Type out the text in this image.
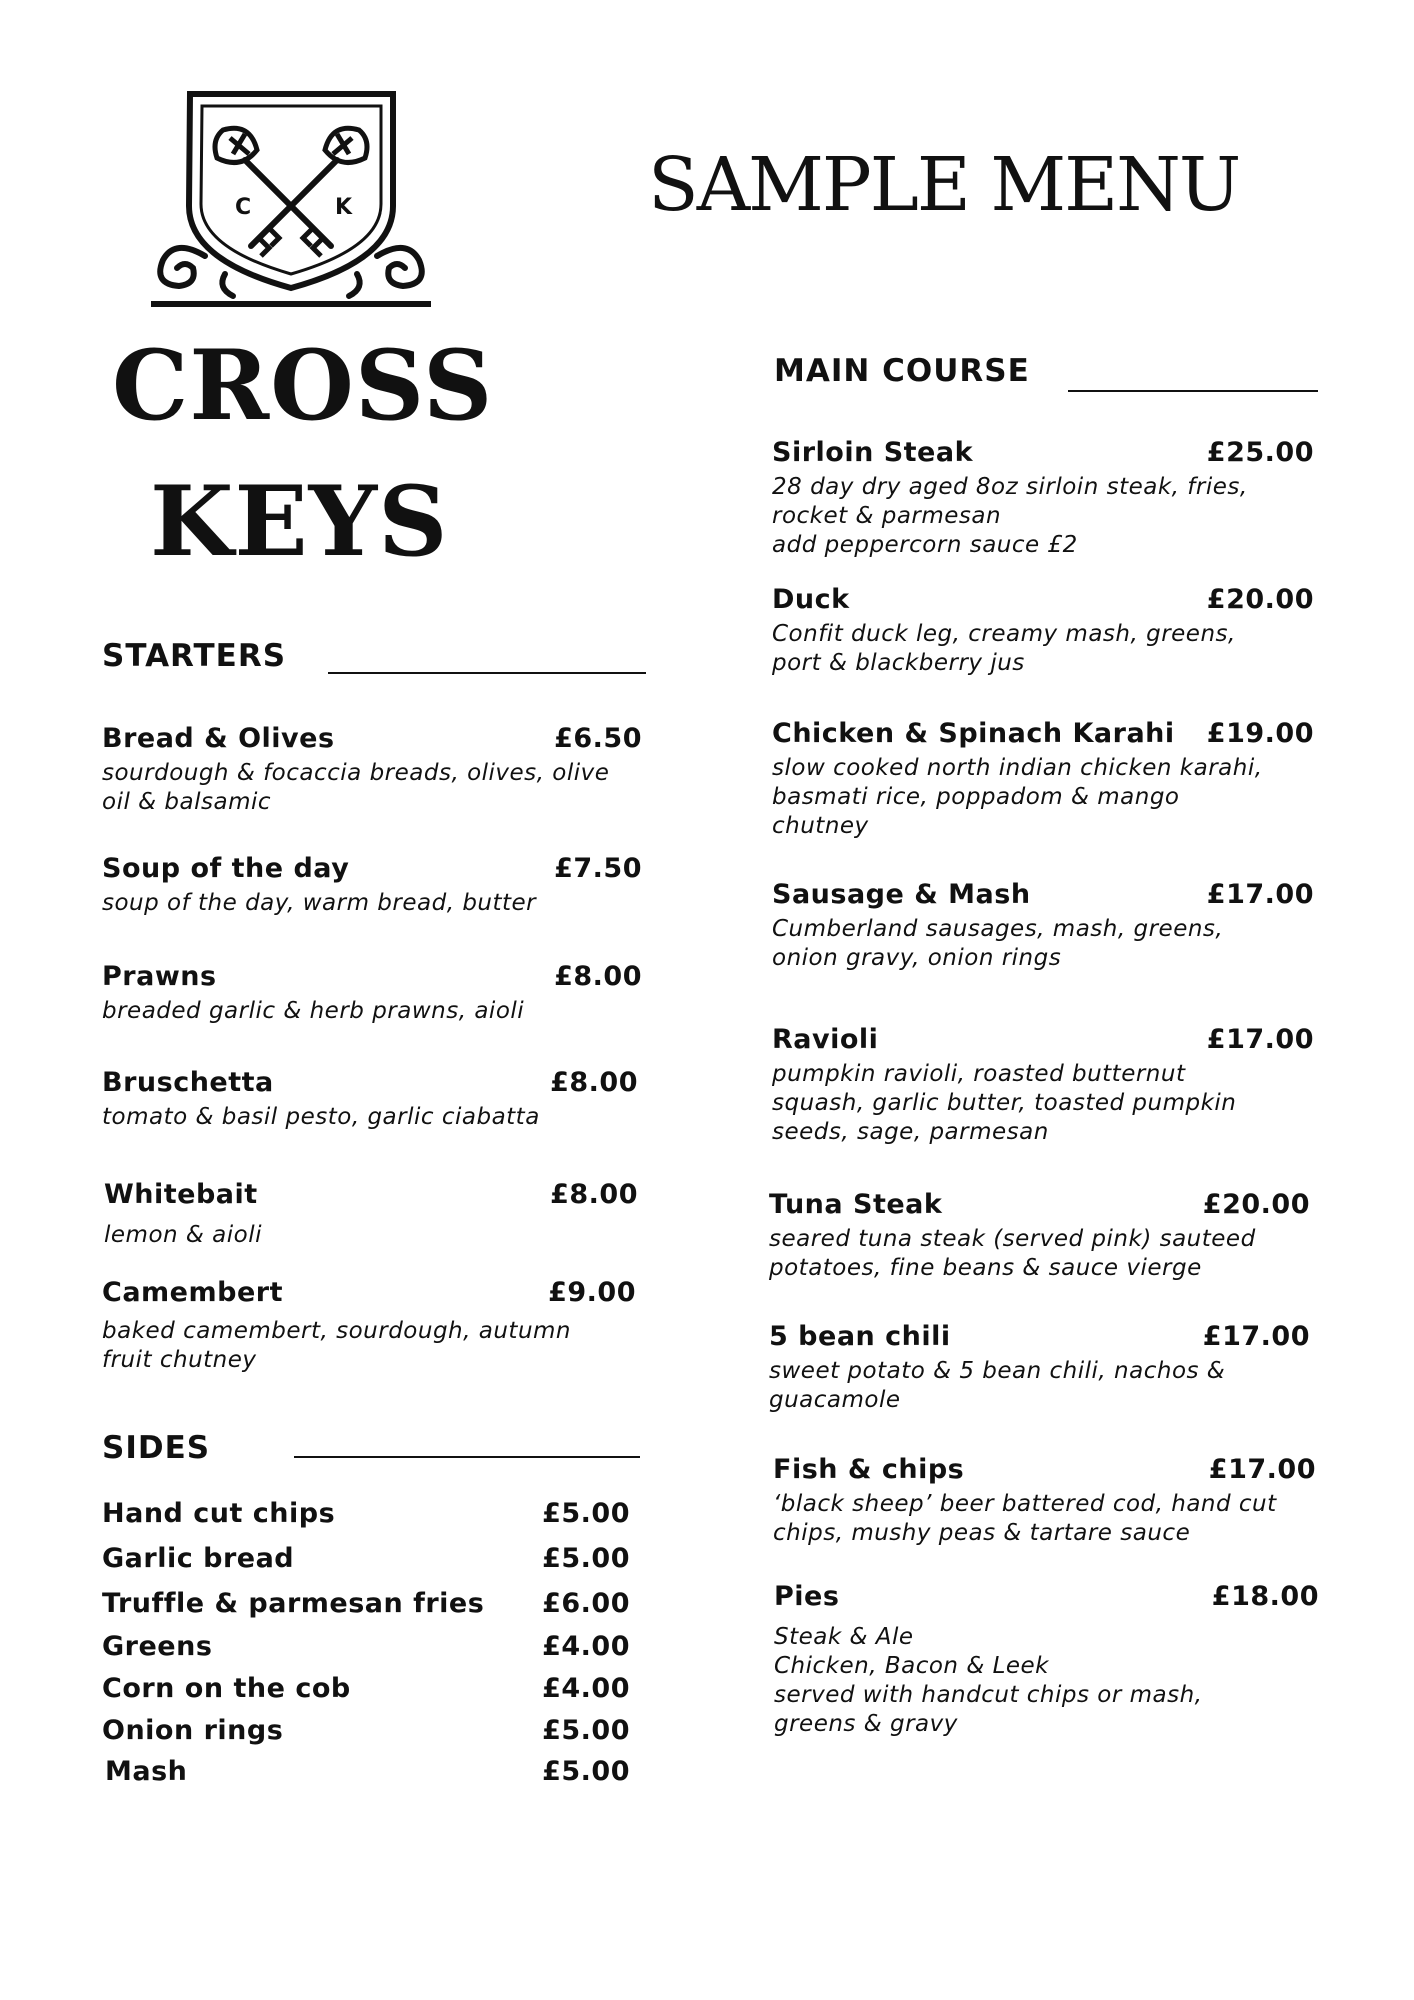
C	K
CROSS
KEYS
SAMPLE MENU
STARTERS
Bread & Olives	£6.50
sourdough & focaccia breads, olives, olive
oil & balsamic
Soup of the day	£7.50
soup of the day, warm bread, butter
Prawns	£8.00
breaded garlic & herb prawns, aioli
Bruschetta	£8.00
tomato & basil pesto, garlic ciabatta
Whitebait	£8.00
lemon & aioli
Camembert	£9.00
baked camembert, sourdough, autumn
fruit chutney
SIDES
Hand cut chips	£5.00
Garlic bread	£5.00
Truffle & parmesan fries £6.00
Greens	£4.00
Corn on the cob	£4.00
Onion rings	£5.00
Mash	£5.00
MAIN COURSE
Sirloin Steak	£25.00
28 day dry aged 8oz sirloin steak, fries,
rocket & parmesan
add peppercorn sauce £2
Duck	£20.00
Confit duck leg, creamy mash, greens,
port & blackberry jus
Chicken & Spinach Karahi £19.00
slow cooked north indian chicken karahi,
basmati rice, poppadom & mango
chutney
Sausage & Mash	£17.00
Cumberland sausages, mash, greens,
onion gravy, onion rings
Ravioli	£17.00
pumpkin ravioli, roasted butternut
squash, garlic butter, toasted pumpkin
seeds, sage, parmesan
Tuna Steak	£20.00
seared tuna steak (served pink) sauteed
potatoes, fine beans & sauce vierge
5 bean chili	£17.00
sweet potato & 5 bean chili, nachos &
guacamole
Fish & chips	£17.00
‘black sheep’ beer battered cod, hand cut
chips, mushy peas & tartare sauce
Pies	£18.00
Steak & Ale
Chicken, Bacon & Leek
served with handcut chips or mash,
greens & gravy
